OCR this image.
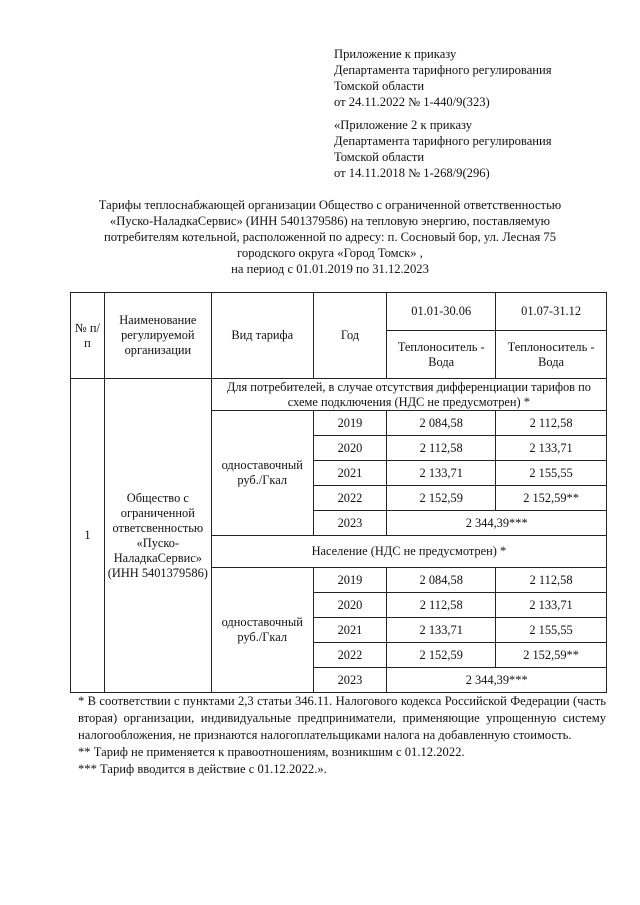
Приложение к приказу
Департамента тарифного регулирования
Томской области
от 24.11.2022 № 1-440/9(323)
«Приложение 2 к приказу
Департамента тарифного регулирования
Томской области
от 14.11.2018 № 1-268/9(296)
Тарифы теплоснабжающей организации Общество с ограниченной ответственностью
«Пуско-НаладкаСервис» (ИНН 5401379586) на тепловую энергию, поставляемую
потребителям котельной, расположенной по адресу: п. Сосновый бор, ул. Лесная 75
городского округа «Город Томск» ,
на период с 01.01.2019 по 31.12.2023
№ п/п	Наименование регулируемой организации	Вид тарифа	Год	01.01-30.06	01.07-31.12
				Теплоноситель - Вода	Теплоноситель - Вода
1	Общество с ограниченной ответсвенностью «Пуско-НаладкаСервис» (ИНН 5401379586)	Для потребителей, в случае отсутствия дифференциации тарифов по схеме подключения (НДС не предусмотрен) *			
		одноставочный руб./Гкал	2019	2 084,58	2 112,58
			2020	2 112,58	2 133,71
			2021	2 133,71	2 155,55
			2022	2 152,59	2 152,59**
			2023	2 344,39***	
		Население (НДС не предусмотрен) *			
		одноставочный руб./Гкал	2019	2 084,58	2 112,58
			2020	2 112,58	2 133,71
			2021	2 133,71	2 155,55
			2022	2 152,59	2 152,59**
			2023	2 344,39***	

* В соответствии с пунктами 2,3 статьи 346.11. Налогового кодекса Российской Федерации (часть вторая) организации, индивидуальные предприниматели, применяющие упрощенную систему налогообложения, не признаются налогоплательщиками налога на добавленную стоимость.

** Тариф не применяется к правоотношениям, возникшим с 01.12.2022.

*** Тариф вводится в действие с 01.12.2022.».
